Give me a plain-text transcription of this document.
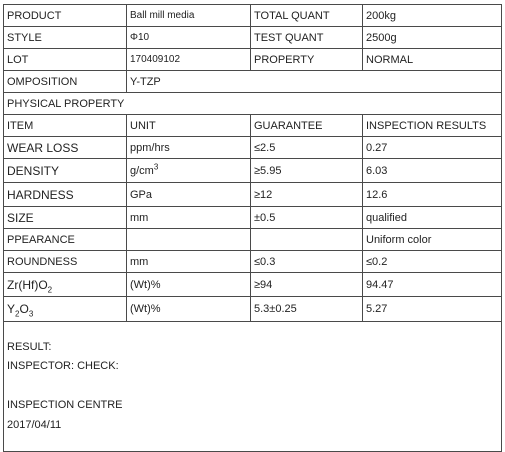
PRODUCT	Ball mill media	TOTAL QUANT	200kg
STYLE	Φ10	TEST QUANT	2500g
LOT	170409102	PROPERTY	NORMAL
OMPOSITION	Y-TZP		
PHYSICAL PROPERTY			
ITEM	UNIT	GUARANTEE	INSPECTION RESULTS
WEAR LOSS	ppm/hrs	≤2.5	0.27
DENSITY	$g/cm^3$	≥5.95	6.03
HARDNESS	GPa	≥12	12.6
SIZE	mm	±0.5	qualified
PPEARANCE			Uniform color
ROUNDNESS	mm	≤0.3	≤0.2
$Zr(Hf)O_2$	(Wt)%	≥94	94.47
$Y_2O_3$	(Wt)%	5.3±0.25	5.27

RESULT:
INSPECTOR: CHECK:
INSPECTION CENTRE
2017/04/11			
